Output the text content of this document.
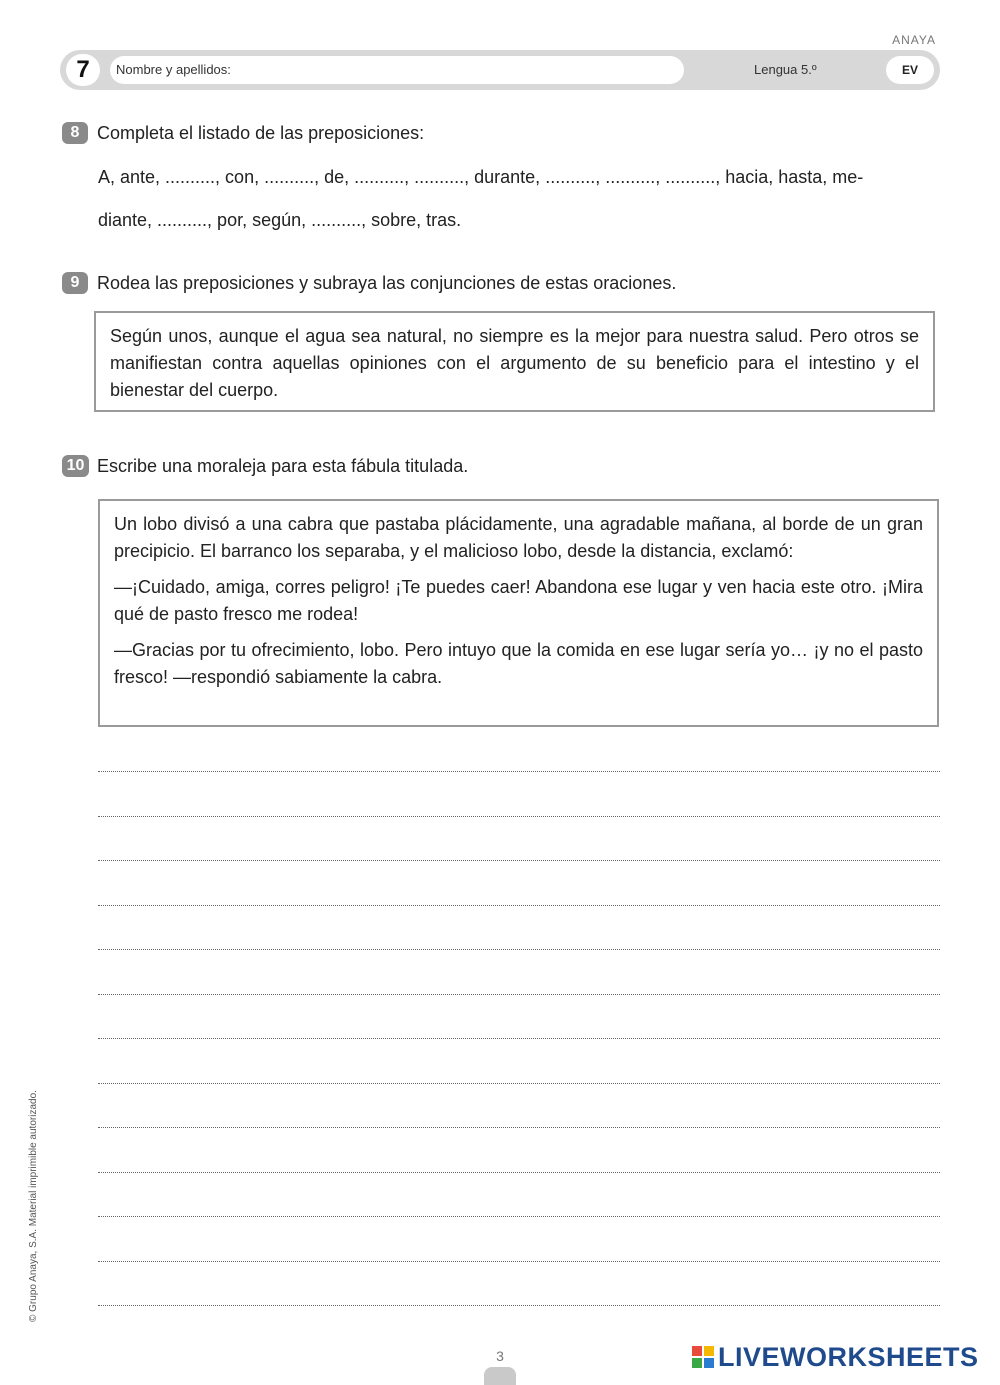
ANAYA
7	Nombre y apellidos:	Lengua 5.º	EV
8 Completa el listado de las preposiciones:
A, ante, .........., con, .........., de, .........., .........., durante, .........., .........., .........., hacia, hasta, me-
diante, .........., por, según, .........., sobre, tras.
9 Rodea las preposiciones y subraya las conjunciones de estas oraciones.

Según unos, aunque el agua sea natural, no siempre es la mejor para nuestra salud. Pero otros se manifiestan contra aquellas opiniones con el argumento de su beneficio para el intestino y el bienestar del cuerpo.

10 Escribe una moraleja para esta fábula titulada.

Un lobo divisó a una cabra que pastaba plácidamente, una agradable mañana, al borde de un gran precipicio. El barranco los separaba, y el malicioso lobo, desde la distancia, exclamó:

—¡Cuidado, amiga, corres peligro! ¡Te puedes caer! Abandona ese lugar y ven hacia este otro. ¡Mira qué de pasto fresco me rodea!

—Gracias por tu ofrecimiento, lobo. Pero intuyo que la comida en ese lugar sería yo… ¡y no el pasto fresco! —respondió sabiamente la cabra.

© Grupo Anaya, S.A. Material imprimible autorizado.
3	LIVEWORKSHEETS
